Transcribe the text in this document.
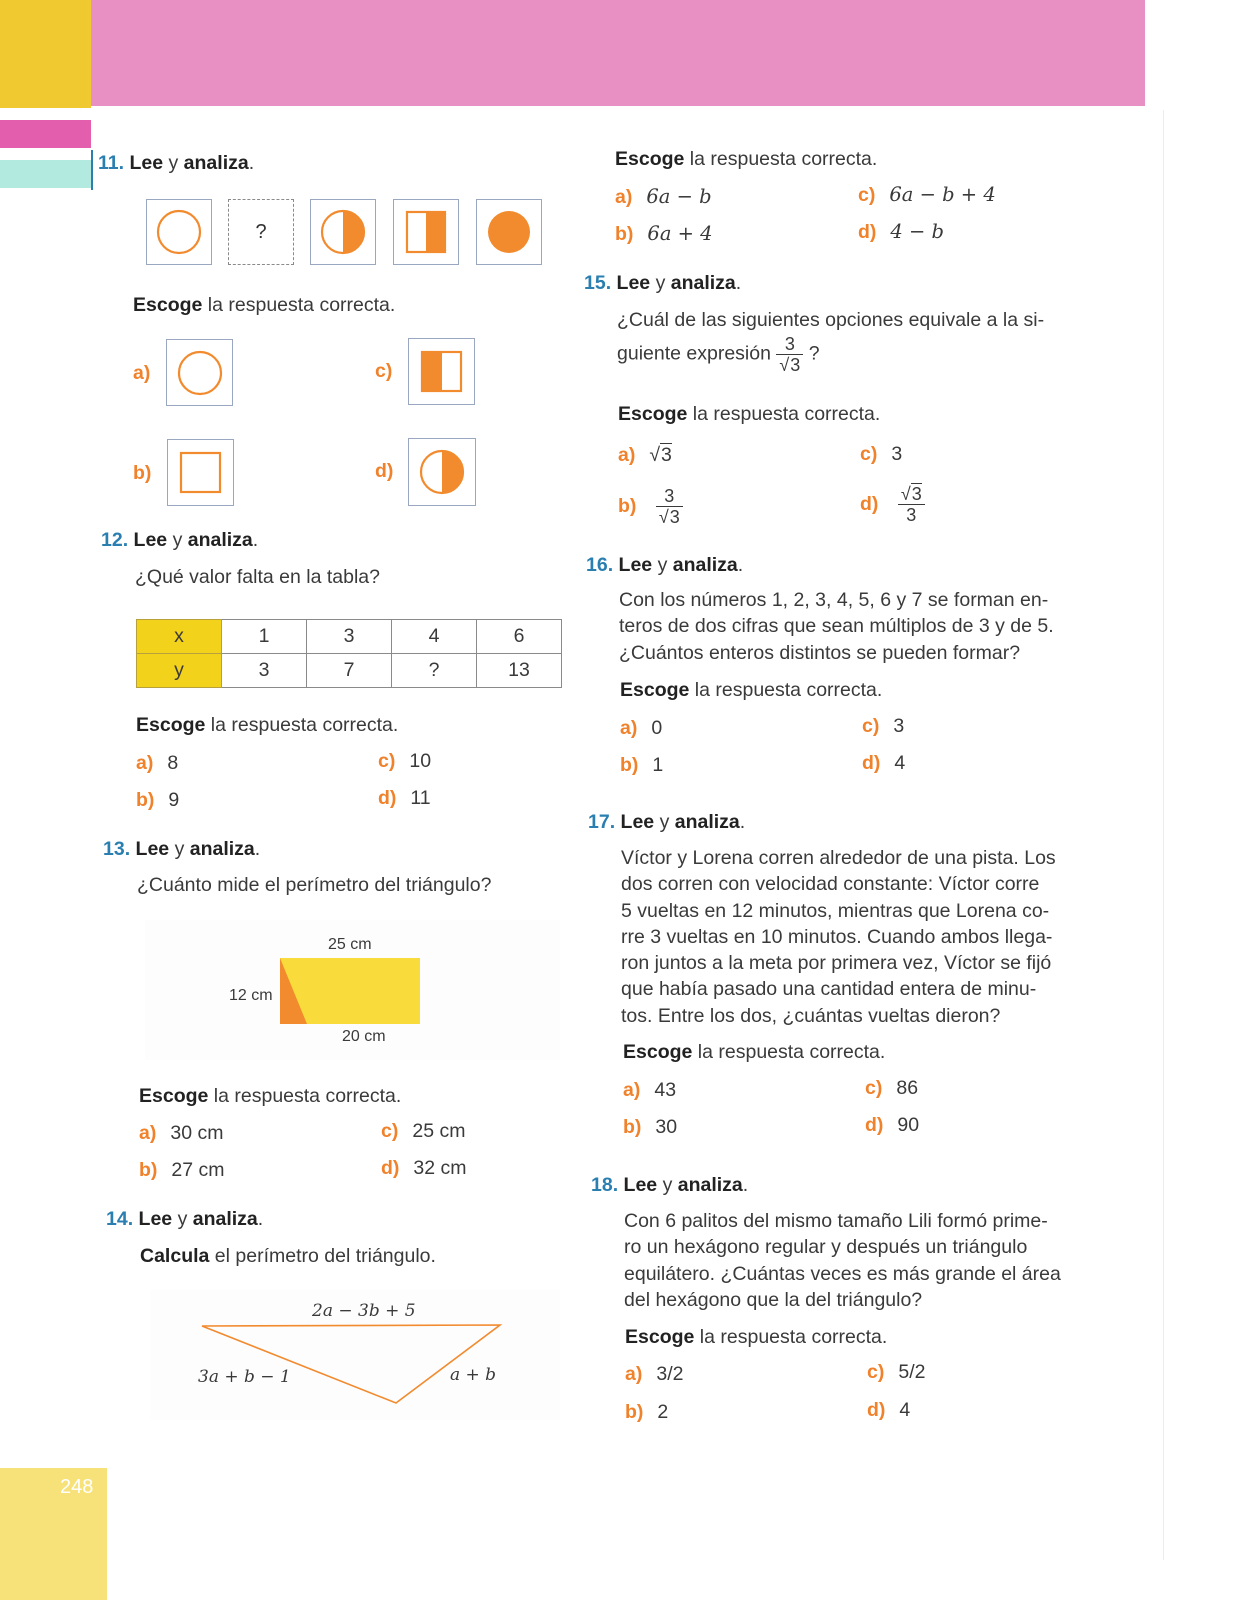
11. Lee y analiza.
?
Escoge la respuesta correcta.
a)
b)
c)
d)
12. Lee y analiza.
¿Qué valor falta en la tabla?
x	1	3	4	6
y	3	7	?	13
Escoge la respuesta correcta.
a) 8
b) 9
c) 10
d) 11
13. Lee y analiza.
¿Cuánto mide el perímetro del triángulo?
25 cm
12 cm
20 cm
Escoge la respuesta correcta.
a) 30 cm
b) 27 cm
c) 25 cm
d) 32 cm
14. Lee y analiza.
Calcula el perímetro del triángulo.
2a − 3b + 5
3a + b − 1	a + b
Escoge la respuesta correcta.
a) 6a − b
b) 6a + 4
c) 6a − b + 4
d) 4 − b
15. Lee y analiza.
¿Cuál de las siguientes opciones equivale a la si-
guiente expresión $\frac{3}{√3}$ ?
Escoge la respuesta correcta.
a) √3
$b) \frac{3}{√3}$
c) 3
$d) \frac{√3}{3}$
16. Lee y analiza.
Con los números 1, 2, 3, 4, 5, 6 y 7 se forman en-
teros de dos cifras que sean múltiplos de 3 y de 5.
¿Cuántos enteros distintos se pueden formar?
Escoge la respuesta correcta.
a) 0
b) 1
c) 3
d) 4
17. Lee y analiza.
Víctor y Lorena corren alrededor de una pista. Los
dos corren con velocidad constante: Víctor corre
5 vueltas en 12 minutos, mientras que Lorena co-
rre 3 vueltas en 10 minutos. Cuando ambos llega-
ron juntos a la meta por primera vez, Víctor se fijó
que había pasado una cantidad entera de minu-
tos. Entre los dos, ¿cuántas vueltas dieron?
Escoge la respuesta correcta.
a) 43
b) 30
c) 86
d) 90
18. Lee y analiza.
Con 6 palitos del mismo tamaño Lili formó prime-
ro un hexágono regular y después un triángulo
equilátero. ¿Cuántas veces es más grande el área
del hexágono que la del triángulo?
Escoge la respuesta correcta.
a) 3/2
b) 2
c) 5/2
d) 4
248
